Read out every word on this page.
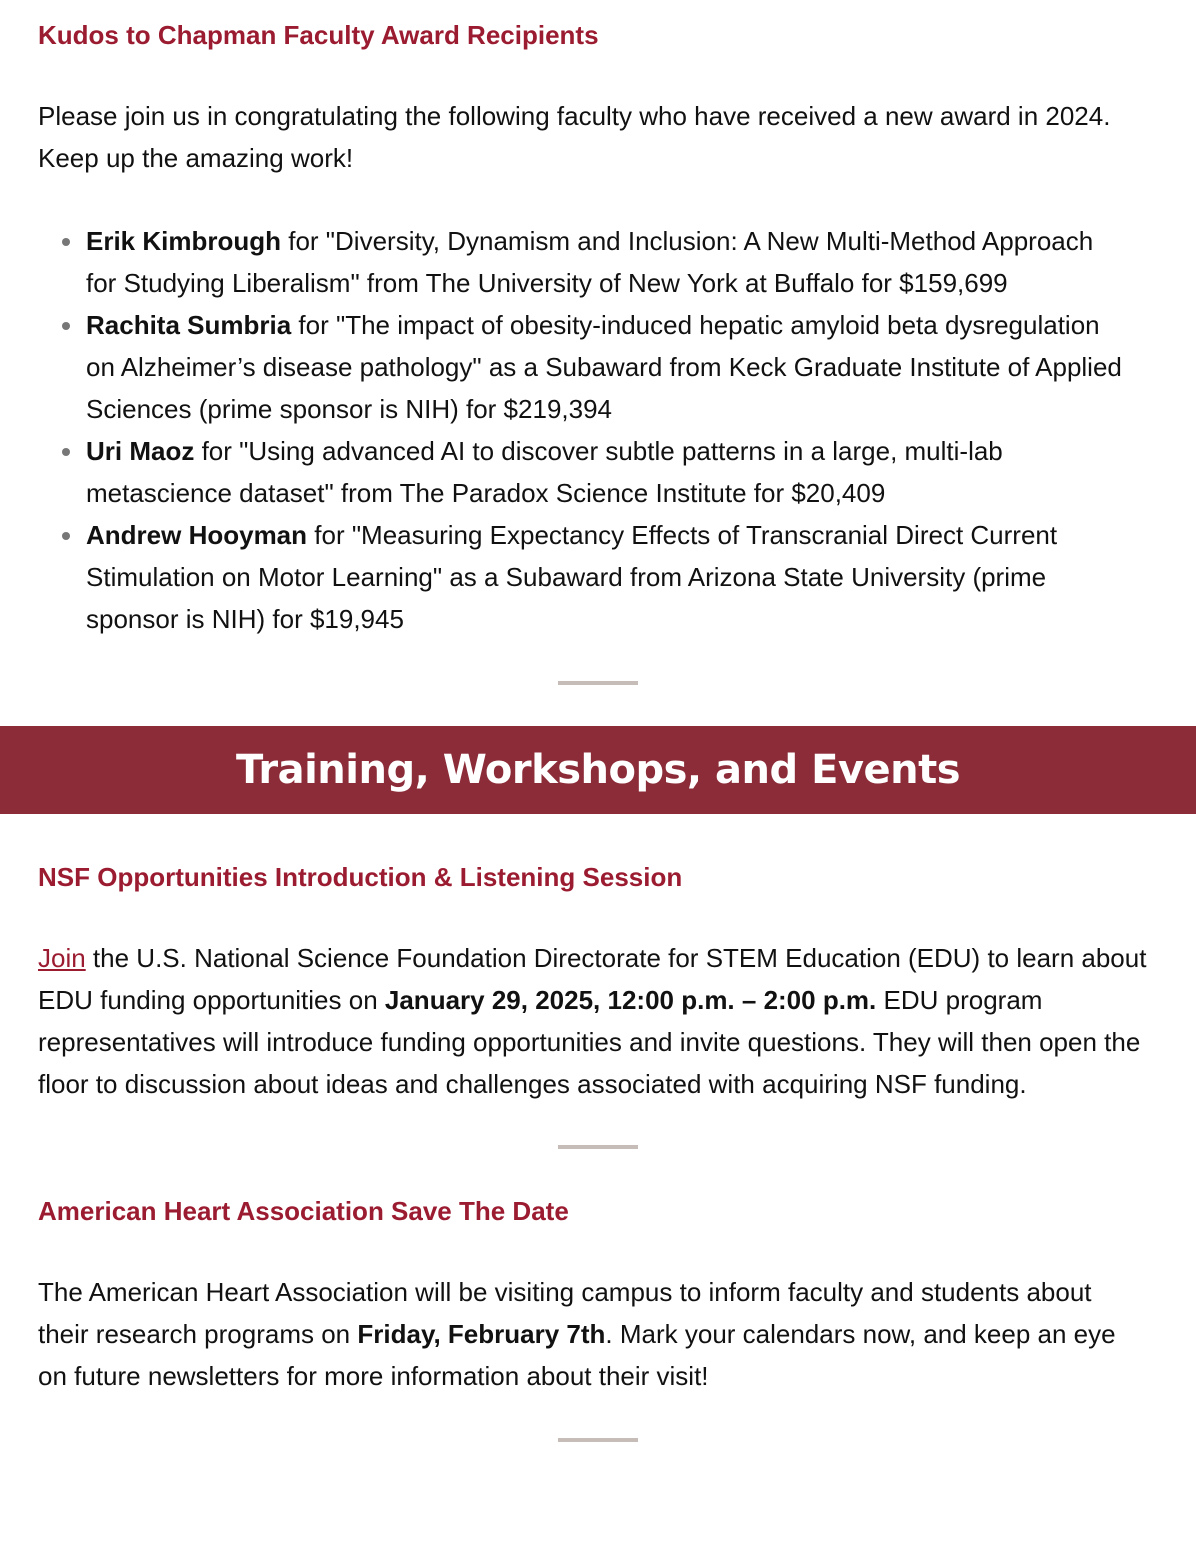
Kudos to Chapman Faculty Award Recipients

Please join us in congratulating the following faculty who have received a new award in 2024. Keep up the amazing work!

Erik Kimbrough for "Diversity, Dynamism and Inclusion: A New Multi-Method Approach for Studying Liberalism" from The University of New York at Buffalo for $159,699
Rachita Sumbria for "The impact of obesity-induced hepatic amyloid beta dysregulation on Alzheimer’s disease pathology" as a Subaward from Keck Graduate Institute of Applied Sciences (prime sponsor is NIH) for $219,394
Uri Maoz for "Using advanced AI to discover subtle patterns in a large, multi-lab metascience dataset" from The Paradox Science Institute for $20,409
Andrew Hooyman for "Measuring Expectancy Effects of Transcranial Direct Current Stimulation on Motor Learning" as a Subaward from Arizona State University (prime sponsor is NIH) for $19,945
Training, Workshops, and Events
NSF Opportunities Introduction & Listening Session

Join the U.S. National Science Foundation Directorate for STEM Education (EDU) to learn about EDU funding opportunities on January 29, 2025, 12:00 p.m. – 2:00 p.m. EDU program representatives will introduce funding opportunities and invite questions. They will then open the floor to discussion about ideas and challenges associated with acquiring NSF funding.

American Heart Association Save The Date

The American Heart Association will be visiting campus to inform faculty and students about their research programs on Friday, February 7th. Mark your calendars now, and keep an eye on future newsletters for more information about their visit!
